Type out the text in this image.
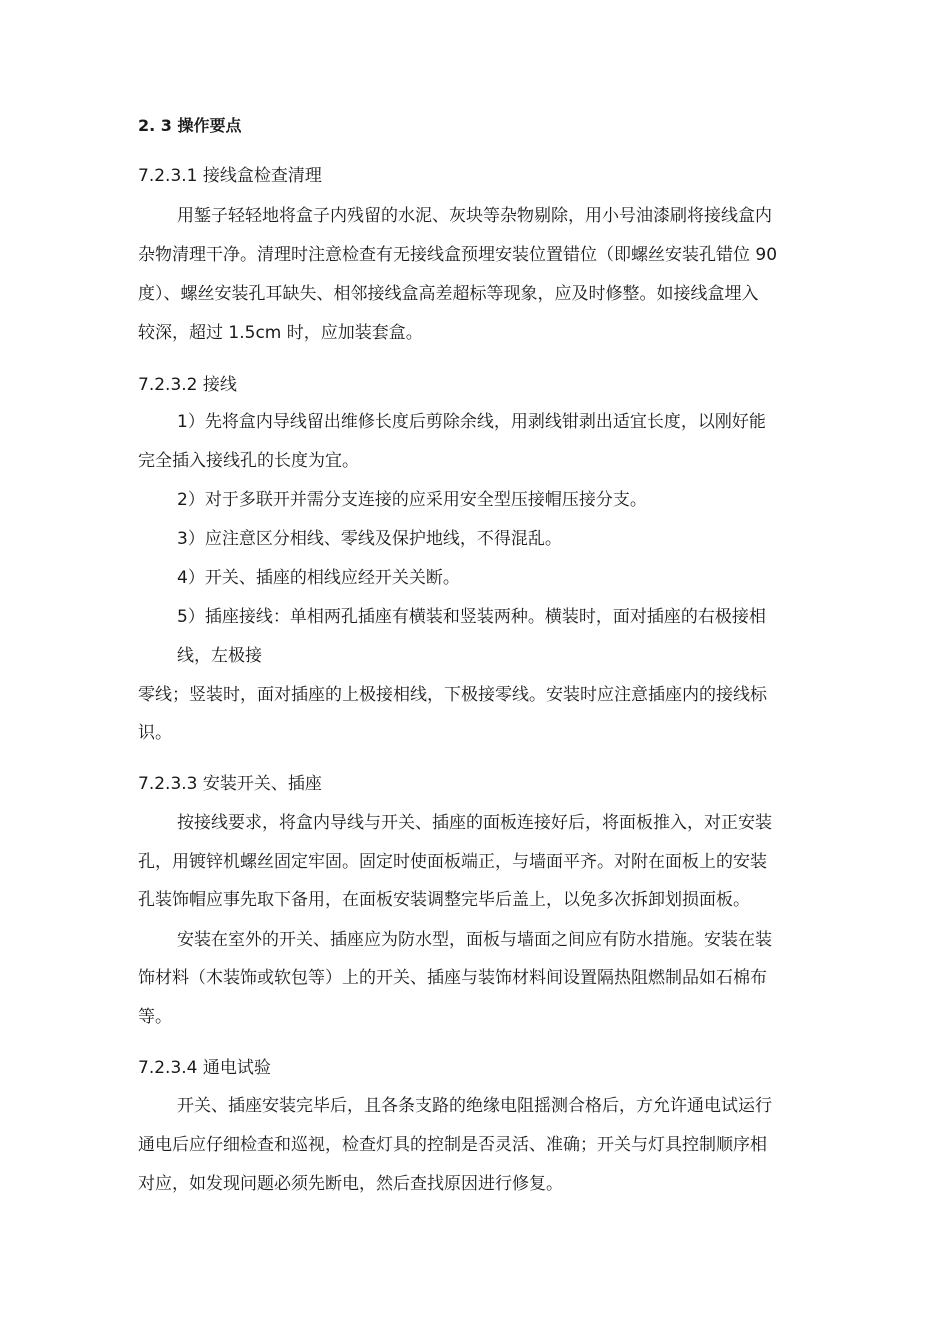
2. 3 操作要点
7.2.3.1 接线盒检查清理
用錾子轻轻地将盒子内残留的水泥、灰块等杂物剔除，用小号油漆刷将接线盒内
杂物清理干净。清理时注意检查有无接线盒预埋安装位置错位（即螺丝安装孔错位 90
度）、螺丝安装孔耳缺失、相邻接线盒高差超标等现象，应及时修整。如接线盒埋入
较深，超过 1.5cm 时，应加装套盒。
7.2.3.2 接线
1）先将盒内导线留出维修长度后剪除余线，用剥线钳剥出适宜长度，以刚好能
完全插入接线孔的长度为宜。
2）对于多联开并需分支连接的应采用安全型压接帽压接分支。
3）应注意区分相线、零线及保护地线，不得混乱。
4）开关、插座的相线应经开关关断。
5）插座接线：单相两孔插座有横装和竖装两种。横装时，面对插座的右极接相
线，左极接
零线；竖装时，面对插座的上极接相线，下极接零线。安装时应注意插座内的接线标
识。
7.2.3.3 安装开关、插座
按接线要求，将盒内导线与开关、插座的面板连接好后，将面板推入，对正安装
孔，用镀锌机螺丝固定牢固。固定时使面板端正，与墙面平齐。对附在面板上的安装
孔装饰帽应事先取下备用，在面板安装调整完毕后盖上，以免多次拆卸划损面板。
安装在室外的开关、插座应为防水型，面板与墙面之间应有防水措施。安装在装
饰材料（木装饰或软包等）上的开关、插座与装饰材料间设置隔热阻燃制品如石棉布
等。
7.2.3.4 通电试验
开关、插座安装完毕后，且各条支路的绝缘电阻摇测合格后，方允许通电试运行
通电后应仔细检查和巡视，检查灯具的控制是否灵活、准确；开关与灯具控制顺序相
对应，如发现问题必须先断电，然后查找原因进行修复。
